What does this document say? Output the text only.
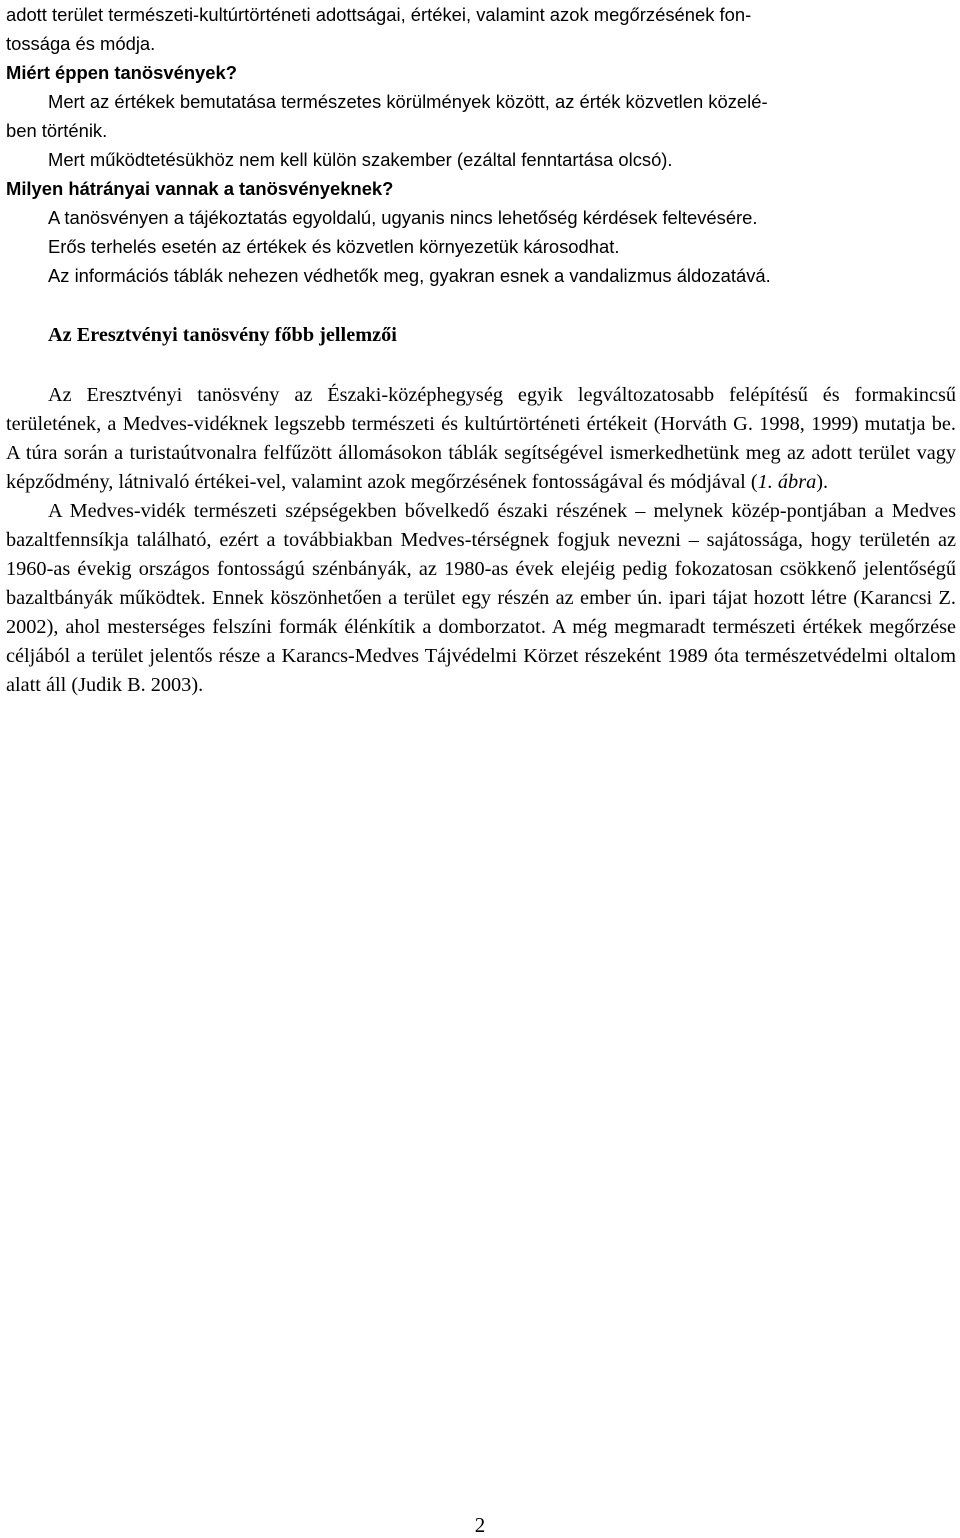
adott terület természeti-kultúrtörténeti adottságai, értékei, valamint azok megőrzésének fon-
tossága és módja.
Miért éppen tanösvények?
Mert az értékek bemutatása természetes körülmények között, az érték közvetlen közelé-
ben történik.
Mert működtetésükhöz nem kell külön szakember (ezáltal fenntartása olcsó).
Milyen hátrányai vannak a tanösvényeknek?
A tanösvényen a tájékoztatás egyoldalú, ugyanis nincs lehetőség kérdések feltevésére.
Erős terhelés esetén az értékek és közvetlen környezetük károsodhat.
Az információs táblák nehezen védhetők meg, gyakran esnek a vandalizmus áldozatává.
Az Eresztvényi tanösvény főbb jellemzői

Az Eresztvényi tanösvény az Északi-középhegység egyik legváltozatosabb felépítésű és formakincsű területének, a Medves-vidéknek legszebb természeti és kultúrtörténeti értékeit (Horváth G. 1998, 1999) mutatja be. A túra során a turistaútvonalra felfűzött állomásokon táblák segítségével ismerkedhetünk meg az adott terület vagy képződmény, látnivaló értékei-vel, valamint azok megőrzésének fontosságával és módjával (1. ábra).

A Medves-vidék természeti szépségekben bővelkedő északi részének – melynek közép-pontjában a Medves bazaltfennsíkja található, ezért a továbbiakban Medves-térségnek fogjuk nevezni – sajátossága, hogy területén az 1960-as évekig országos fontosságú szénbányák, az 1980-as évek elejéig pedig fokozatosan csökkenő jelentőségű bazaltbányák működtek. Ennek köszönhetően a terület egy részén az ember ún. ipari tájat hozott létre (Karancsi Z. 2002), ahol mesterséges felszíni formák élénkítik a domborzatot. A még megmaradt természeti értékek megőrzése céljából a terület jelentős része a Karancs-Medves Tájvédelmi Körzet részeként 1989 óta természetvédelmi oltalom alatt áll (Judik B. 2003).

2
